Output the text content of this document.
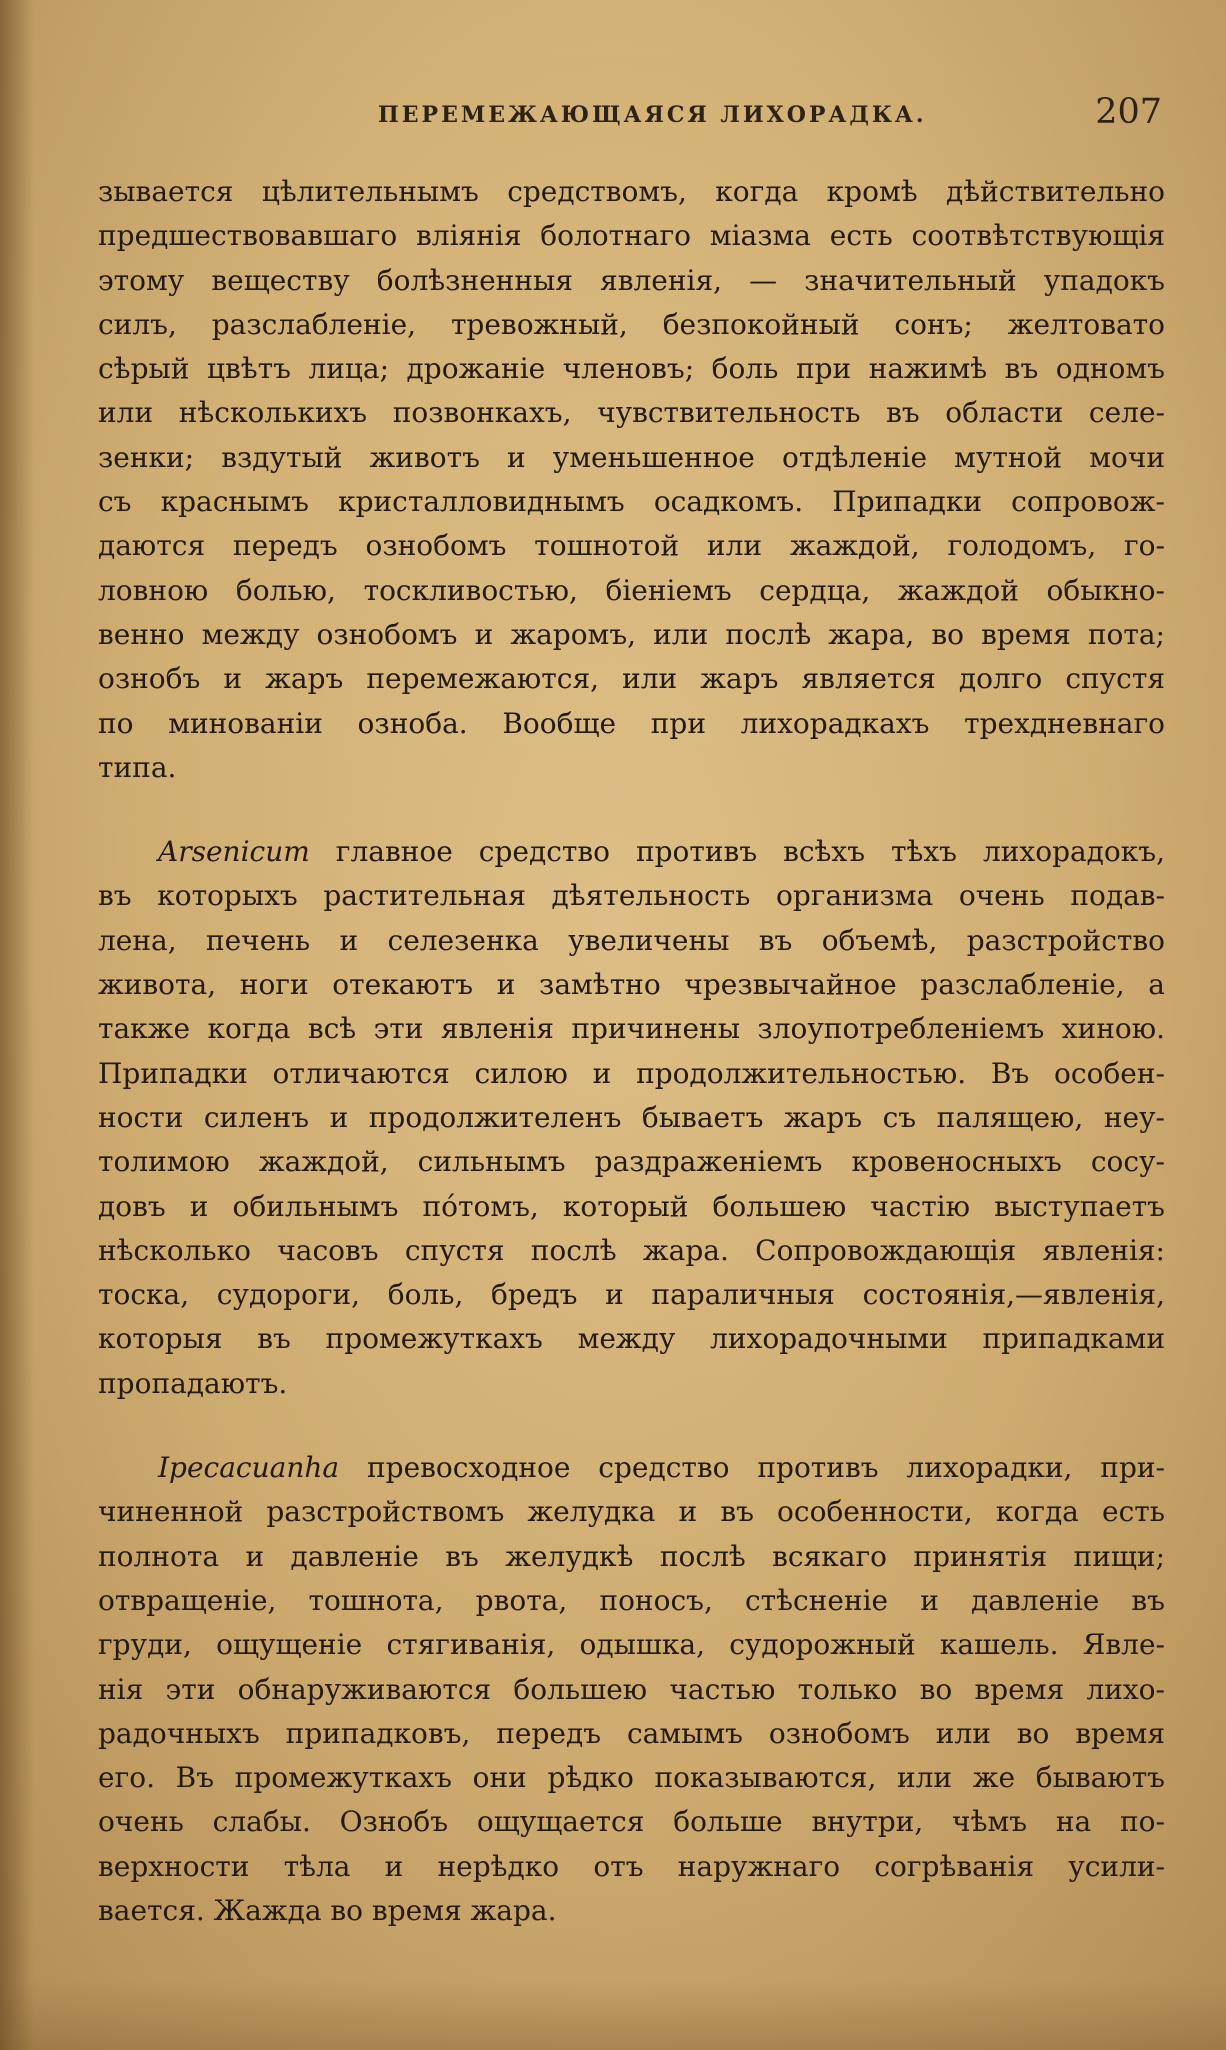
ПЕРЕМЕЖАЮЩАЯСЯ ЛИХОРАДКА.	207
зывается цѣлительнымъ средствомъ, когда кромѣ дѣйствительно
предшествовавшаго вліянія болотнаго міазма есть соотвѣтствующія
этому веществу болѣзненныя явленія, — значительный упадокъ
силъ, разслабленіе, тревожный, безпокойный сонъ; желтовато
сѣрый цвѣтъ лица; дрожаніе членовъ; боль при нажимѣ въ одномъ
или нѣсколькихъ позвонкахъ, чувствительность въ области селе-
зенки; вздутый животъ и уменьшенное отдѣленіе мутной мочи
съ краснымъ кристалловиднымъ осадкомъ. Припадки сопровож-
даются передъ ознобомъ тошнотой или жаждой, голодомъ, го-
ловною болью, тоскливостью, біеніемъ сердца, жаждой обыкно-
венно между ознобомъ и жаромъ, или послѣ жара, во время пота;
ознобъ и жаръ перемежаются, или жаръ является долго спустя
по минованіи озноба. Вообще при лихорадкахъ трехдневнаго
типа.
Arsenicum главное средство противъ всѣхъ тѣхъ лихорадокъ,
въ которыхъ растительная дѣятельность организма очень подав-
лена, печень и селезенка увеличены въ объемѣ, разстройство
живота, ноги отекаютъ и замѣтно чрезвычайное разслабленіе, а
также когда всѣ эти явленія причинены злоупотребленіемъ хиною.
Припадки отличаются силою и продолжительностью. Въ особен-
ности силенъ и продолжителенъ бываетъ жаръ съ палящею, неу-
толимою жаждой, сильнымъ раздраженіемъ кровеносныхъ сосу-
довъ и обильнымъ пóтомъ, который большею частію выступаетъ
нѣсколько часовъ спустя послѣ жара. Сопровождающія явленія:
тоска, судороги, боль, бредъ и параличныя состоянія,—явленія,
которыя въ промежуткахъ между лихорадочными припадками
пропадаютъ.
Ipecacuanha превосходное средство противъ лихорадки, при-
чиненной разстройствомъ желудка и въ особенности, когда есть
полнота и давленіе въ желудкѣ послѣ всякаго принятія пищи;
отвращеніе, тошнота, рвота, поносъ, стѣсненіе и давленіе въ
груди, ощущеніе стягиванія, одышка, судорожный кашель. Явле-
нія эти обнаруживаются большею частью только во время лихо-
радочныхъ припадковъ, передъ самымъ ознобомъ или во время
его. Въ промежуткахъ они рѣдко показываются, или же бываютъ
очень слабы. Ознобъ ощущается больше внутри, чѣмъ на по-
верхности тѣла и нерѣдко отъ наружнаго согрѣванія усили-
вается. Жажда во время жара.
